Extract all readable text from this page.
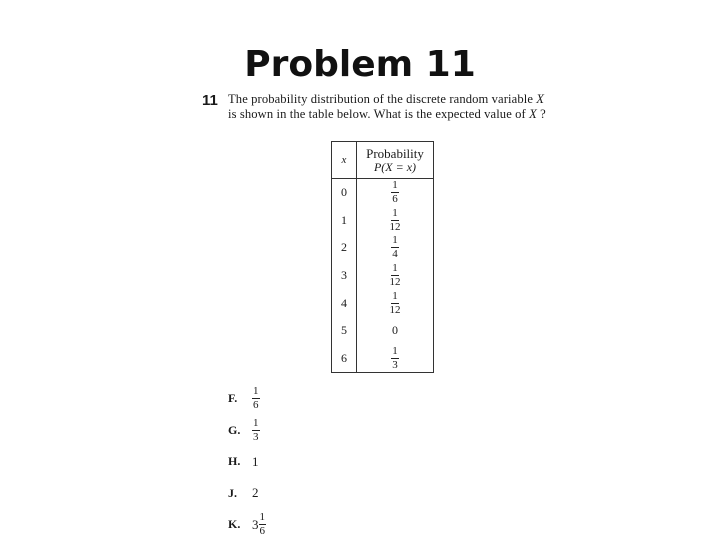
Problem 11
11 The probability distribution of the discrete random variable X is shown in the table below. What is the expected value of X ?

x	Probability
P(X = x)

0	$\frac{1}{6}$

1	$\frac{1}{12}$

2	$\frac{1}{4}$

3	$\frac{1}{12}$

4	$\frac{1}{12}$

5	0
6	$\frac{1}{3}$
F.	$\frac{1}{6}$
G.	$\frac{1}{3}$
H. 1
J.	2
K. $3 \frac{1}{6}$
